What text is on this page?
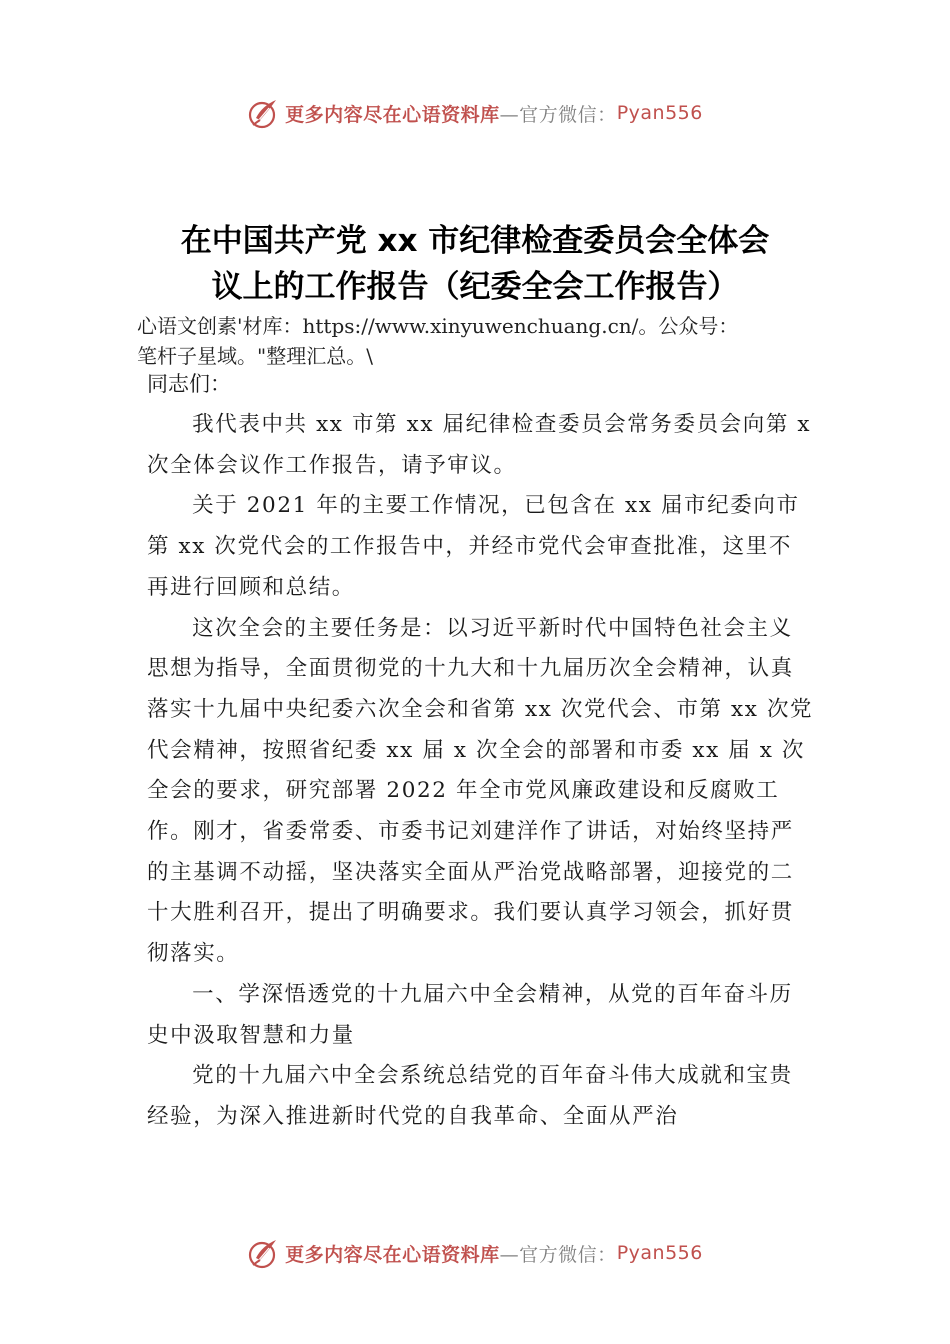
更多内容尽在心语资料库 —官方微信： Pyan556
在中国共产党 xx 市纪律检查委员会全体会
议上的工作报告（纪委全会工作报告）
心语文创素'材库：https://www.xinyuwenchuang.cn/。公众号：
笔杆子星域。"整理汇总。\
同志们：

我代表中共 xx 市第 xx 届纪律检查委员会常务委员会向第 x 次全体会议作工作报告，请予审议。

关于 2021 年的主要工作情况，已包含在 xx 届市纪委向市第 xx 次党代会的工作报告中，并经市党代会审查批准，这里不再进行回顾和总结。

这次全会的主要任务是：以习近平新时代中国特色社会主义思想为指导，全面贯彻党的十九大和十九届历次全会精神，认真落实十九届中央纪委六次全会和省第 xx 次党代会、市第 xx 次党代会精神，按照省纪委 xx 届 x 次全会的部署和市委 xx 届 x 次全会的要求，研究部署 2022 年全市党风廉政建设和反腐败工作。刚才，省委常委、市委书记刘建洋作了讲话，对始终坚持严的主基调不动摇，坚决落实全面从严治党战略部署，迎接党的二十大胜利召开，提出了明确要求。我们要认真学习领会，抓好贯彻落实。

一、学深悟透党的十九届六中全会精神，从党的百年奋斗历史中汲取智慧和力量

党的十九届六中全会系统总结党的百年奋斗伟大成就和宝贵经验，为深入推进新时代党的自我革命、全面从严治

更多内容尽在心语资料库 —官方微信： Pyan556
